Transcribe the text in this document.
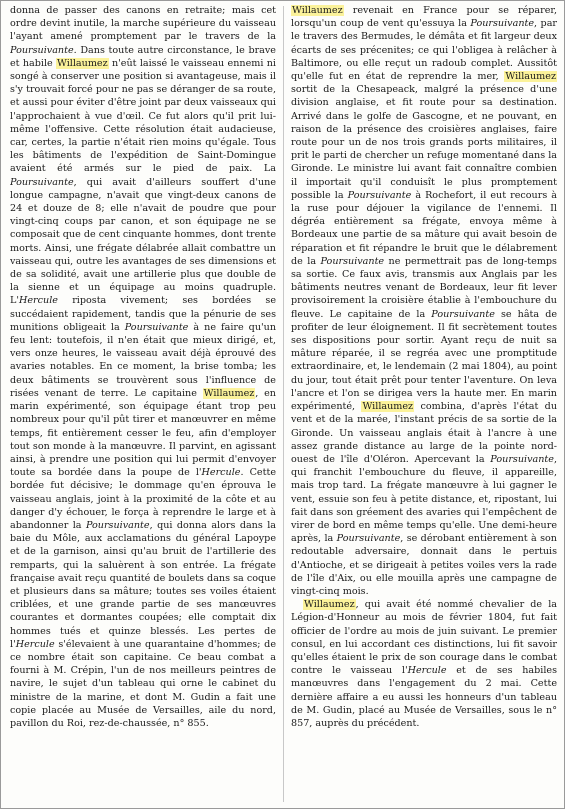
donna de passer des canons en retraite; mais cet ordre devint inutile, la marche supérieure du vaisseau l'ayant amené promptement par le travers de la Poursuivante. Dans toute autre circonstance, le brave et habile Willaumez n'eût laissé le vaisseau ennemi ni songé à conserver une position si avantageuse, mais il s'y trouvait forcé pour ne pas se déranger de sa route, et aussi pour éviter d'être joint par deux vaisseaux qui l'approchaient à vue d'œil. Ce fut alors qu'il prit lui-même l'offensive. Cette résolution était audacieuse, car, certes, la partie n'était rien moins qu'égale. Tous les bâtiments de l'expédition de Saint-Domingue avaient été armés sur le pied de paix. La Poursuivante, qui avait d'ailleurs souffert d'une longue campagne, n'avait que vingt-deux canons de 24 et douze de 8; elle n'avait de poudre que pour vingt-cinq coups par canon, et son équipage ne se composait que de cent cinquante hommes, dont trente morts. Ainsi, une frégate délabrée allait combattre un vaisseau qui, outre les avantages de ses dimensions et de sa solidité, avait une artillerie plus que double de la sienne et un équipage au moins quadruple. L'Hercule riposta vivement; ses bordées se succédaient rapidement, tandis que la pénurie de ses munitions obligeait la Poursuivante à ne faire qu'un feu lent: toutefois, il n'en était que mieux dirigé, et, vers onze heures, le vaisseau avait déjà éprouvé des avaries notables. En ce moment, la brise tomba; les deux bâtiments se trouvèrent sous l'influence de risées venant de terre. Le capitaine Willaumez, en marin expérimenté, son équipage étant trop peu nombreux pour qu'il pût tirer et manœuvrer en même temps, fit entièrement cesser le feu, afin d'employer tout son monde à la manœuvre. Il parvint, en agissant ainsi, à prendre une position qui lui permit d'envoyer toute sa bordée dans la poupe de l'Hercule. Cette bordée fut décisive; le dommage qu'en éprouva le vaisseau anglais, joint à la proximité de la côte et au danger d'y échouer, le força à reprendre le large et à abandonner la Poursuivante, qui donna alors dans la baie du Môle, aux acclamations du général Lapoype et de la garnison, ainsi qu'au bruit de l'artillerie des remparts, qui la saluèrent à son entrée. La frégate française avait reçu quantité de boulets dans sa coque et plusieurs dans sa mâture; toutes ses voiles étaient criblées, et une grande partie de ses manœuvres courantes et dormantes coupées; elle comptait dix hommes tués et quinze blessés. Les pertes de l'Hercule s'élevaient à une quarantaine d'hommes; de ce nombre était son capitaine. Ce beau combat a fourni à M. Crépin, l'un de nos meilleurs peintres de navire, le sujet d'un tableau qui orne le cabinet du ministre de la marine, et dont M. Gudin a fait une copie placée au Musée de Versailles, aile du nord, pavillon du Roi, rez-de-chaussée, n° 855.

Willaumez revenait en France pour se réparer, lorsqu'un coup de vent qu'essuya la Poursuivante, par le travers des Bermudes, le démâta et fit largeur deux écarts de ses précenites; ce qui l'obligea à relâcher à Baltimore, ou elle reçut un radoub complet. Aussitôt qu'elle fut en état de reprendre la mer, Willaumez sortit de la Chesapeack, malgré la présence d'une division anglaise, et fit route pour sa destination. Arrivé dans le golfe de Gascogne, et ne pouvant, en raison de la présence des croisières anglaises, faire route pour un de nos trois grands ports militaires, il prit le parti de chercher un refuge momentané dans la Gironde. Le ministre lui avant fait connaître combien il importait qu'il conduisît le plus promptement possible la Poursuivante à Rochefort, il eut recours à la ruse pour déjouer la vigilance de l'ennemi. Il dégréa entièrement sa frégate, envoya même à Bordeaux une partie de sa mâture qui avait besoin de réparation et fit répandre le bruit que le délabrement de la Poursuivante ne permettrait pas de long-temps sa sortie. Ce faux avis, transmis aux Anglais par les bâtiments neutres venant de Bordeaux, leur fit lever provisoirement la croisière établie à l'embouchure du fleuve. Le capitaine de la Poursuivante se hâta de profiter de leur éloignement. Il fit secrètement toutes ses dispositions pour sortir. Ayant reçu de nuit sa mâture réparée, il se regréa avec une promptitude extraordinaire, et, le lendemain (2 mai 1804), au point du jour, tout était prêt pour tenter l'aventure. On leva l'ancre et l'on se dirigea vers la haute mer. En marin expérimenté, Willaumez combina, d'après l'état du vent et de la marée, l'instant précis de sa sortie de la Gironde. Un vaisseau anglais était à l'ancre à une assez grande distance au large de la pointe nord-ouest de l'île d'Oléron. Apercevant la Poursuivante, qui franchit l'embouchure du fleuve, il appareille, mais trop tard. La frégate manœuvre à lui gagner le vent, essuie son feu à petite distance, et, ripostant, lui fait dans son gréement des avaries qui l'empêchent de virer de bord en même temps qu'elle. Une demi-heure après, la Poursuivante, se dérobant entièrement à son redoutable adversaire, donnait dans le pertuis d'Antioche, et se dirigeait à petites voiles vers la rade de l'île d'Aix, ou elle mouilla après une campagne de vingt-cinq mois.

Willaumez, qui avait été nommé chevalier de la Légion-d'Honneur au mois de février 1804, fut fait officier de l'ordre au mois de juin suivant. Le premier consul, en lui accordant ces distinctions, lui fit savoir qu'elles étaient le prix de son courage dans le combat contre le vaisseau l'Hercule et de ses habiles manœuvres dans l'engagement du 2 mai. Cette dernière affaire a eu aussi les honneurs d'un tableau de M. Gudin, placé au Musée de Versailles, sous le n° 857, auprès du précédent.
